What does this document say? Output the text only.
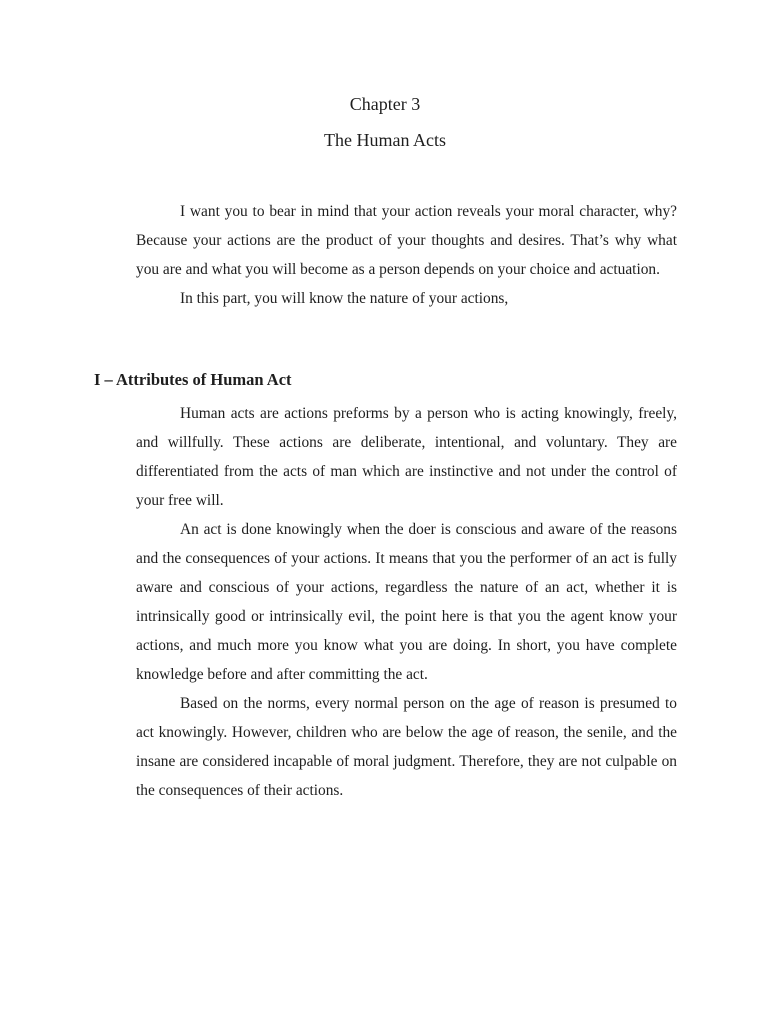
Chapter 3
The Human Acts

I want you to bear in mind that your action reveals your moral character, why? Because your actions are the product of your thoughts and desires. That’s why what you are and what you will become as a person depends on your choice and actuation.

In this part, you will know the nature of your actions,

I – Attributes of Human Act

Human acts are actions preforms by a person who is acting knowingly, freely, and willfully. These actions are deliberate, intentional, and voluntary. They are differentiated from the acts of man which are instinctive and not under the control of your free will.

An act is done knowingly when the doer is conscious and aware of the reasons and the consequences of your actions. It means that you the performer of an act is fully aware and conscious of your actions, regardless the nature of an act, whether it is intrinsically good or intrinsically evil, the point here is that you the agent know your actions, and much more you know what you are doing. In short, you have complete knowledge before and after committing the act.

Based on the norms, every normal person on the age of reason is presumed to act knowingly. However, children who are below the age of reason, the senile, and the insane are considered incapable of moral judgment. Therefore, they are not culpable on the consequences of their actions.
